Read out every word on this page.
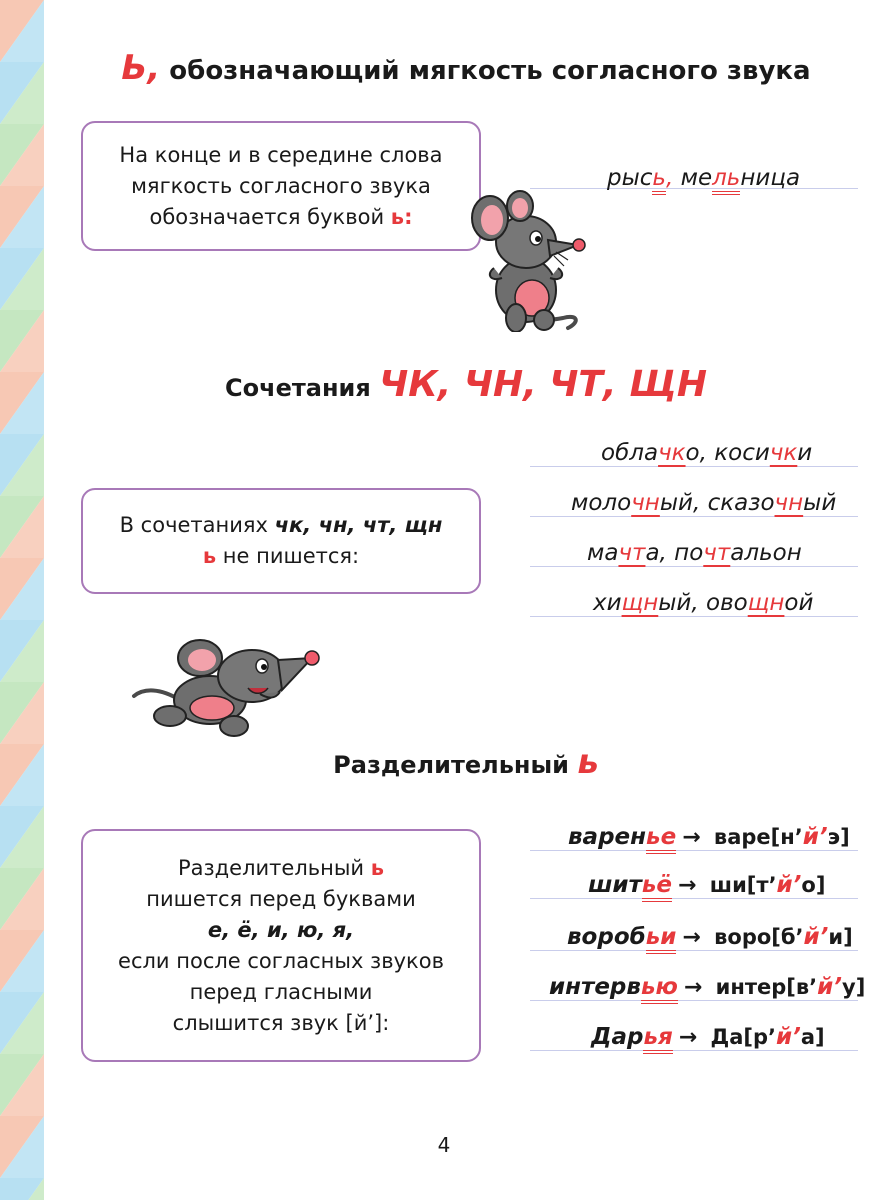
Ь, обозначающий мягкость согласного звука
На конце и в середине слова
мягкость согласного звука
обозначается буквой ь:
рысь, мельница
Сочетания ЧК, ЧН, ЧТ, ЩН
В сочетаниях чк, чн, чт, щн
ь не пишется:
облачко, косички
молочный, сказочный
мачта, почтальон
хищный, овощной
Разделительный ь
Разделительный ь
пишется перед буквами
е, ё, и, ю, я,
если после согласных звуков
перед гласными
слышится звук [й’]:
варенье → варе[н’й’э]
шитьё → ши[т’й’о]
воробьи → воро[б’й’и]
интервью → интер[в’й’у]
Дарья → Да[р’й’а]
4
